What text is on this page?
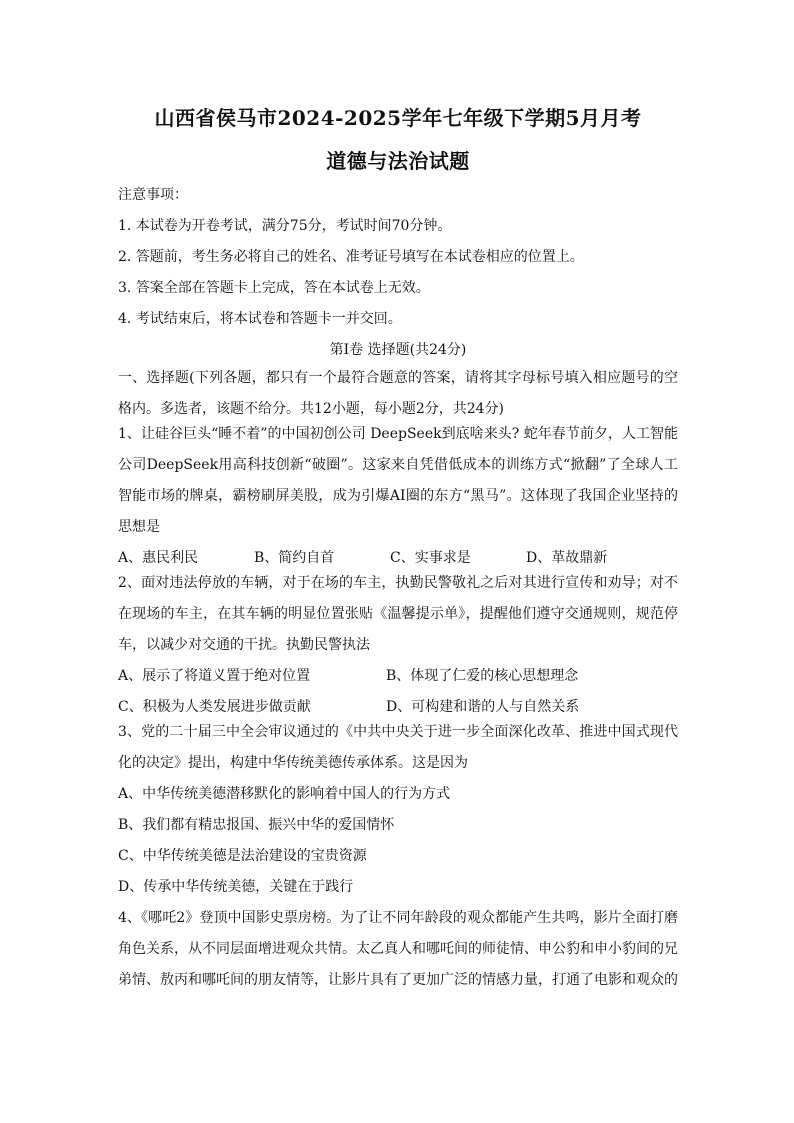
山西省侯马市2024-2025学年七年级下学期5月月考

道德与法治试题

注意事项：

1. 本试卷为开卷考试，满分75分，考试时间70分钟。

2. 答题前，考生务必将自己的姓名、准考证号填写在本试卷相应的位置上。

3. 答案全部在答题卡上完成，答在本试卷上无效。

4. 考试结束后，将本试卷和答题卡一并交回。

第Ⅰ卷 选择题(共24分)

一、选择题(下列各题，都只有一个最符合题意的答案，请将其字母标号填入相应题号的空格内。多选者，该题不给分。共12小题，每小题2分，共24分)

1、让硅谷巨头“睡不着”的中国初创公司 DeepSeek到底啥来头? 蛇年春节前夕，人工智能公司DeepSeek用高科技创新“破圈”。这家来自凭借低成本的训练方式“掀翻”了全球人工智能市场的牌桌，霸榜刷屏美股，成为引爆AI圈的东方“黑马”。这体现了我国企业坚持的思想是

A、惠民利民	B、简约自首	C、实事求是	D、革故鼎新

2、面对违法停放的车辆，对于在场的车主，执勤民警敬礼之后对其进行宣传和劝导；对不在现场的车主，在其车辆的明显位置张贴《温馨提示单》，提醒他们遵守交通规则，规范停车，以减少对交通的干扰。执勤民警执法

A、展示了将道义置于绝对位置	B、体现了仁爱的核心思想理念
C、积极为人类发展进步做贡献	D、可构建和谐的人与自然关系

3、党的二十届三中全会审议通过的《中共中央关于进一步全面深化改革、推进中国式现代化的决定》提出，构建中华传统美德传承体系。这是因为

A、中华传统美德潜移默化的影响着中国人的行为方式

B、我们都有精忠报国、振兴中华的爱国情怀

C、中华传统美德是法治建设的宝贵资源

D、传承中华传统美德，关键在于践行

4、《哪吒2》登顶中国影史票房榜。为了让不同年龄段的观众都能产生共鸣，影片全面打磨角色关系，从不同层面增进观众共情。太乙真人和哪吒间的师徒情、申公豹和申小豹间的兄弟情、敖丙和哪吒间的朋友情等，让影片具有了更加广泛的情感力量，打通了电影和观众的
